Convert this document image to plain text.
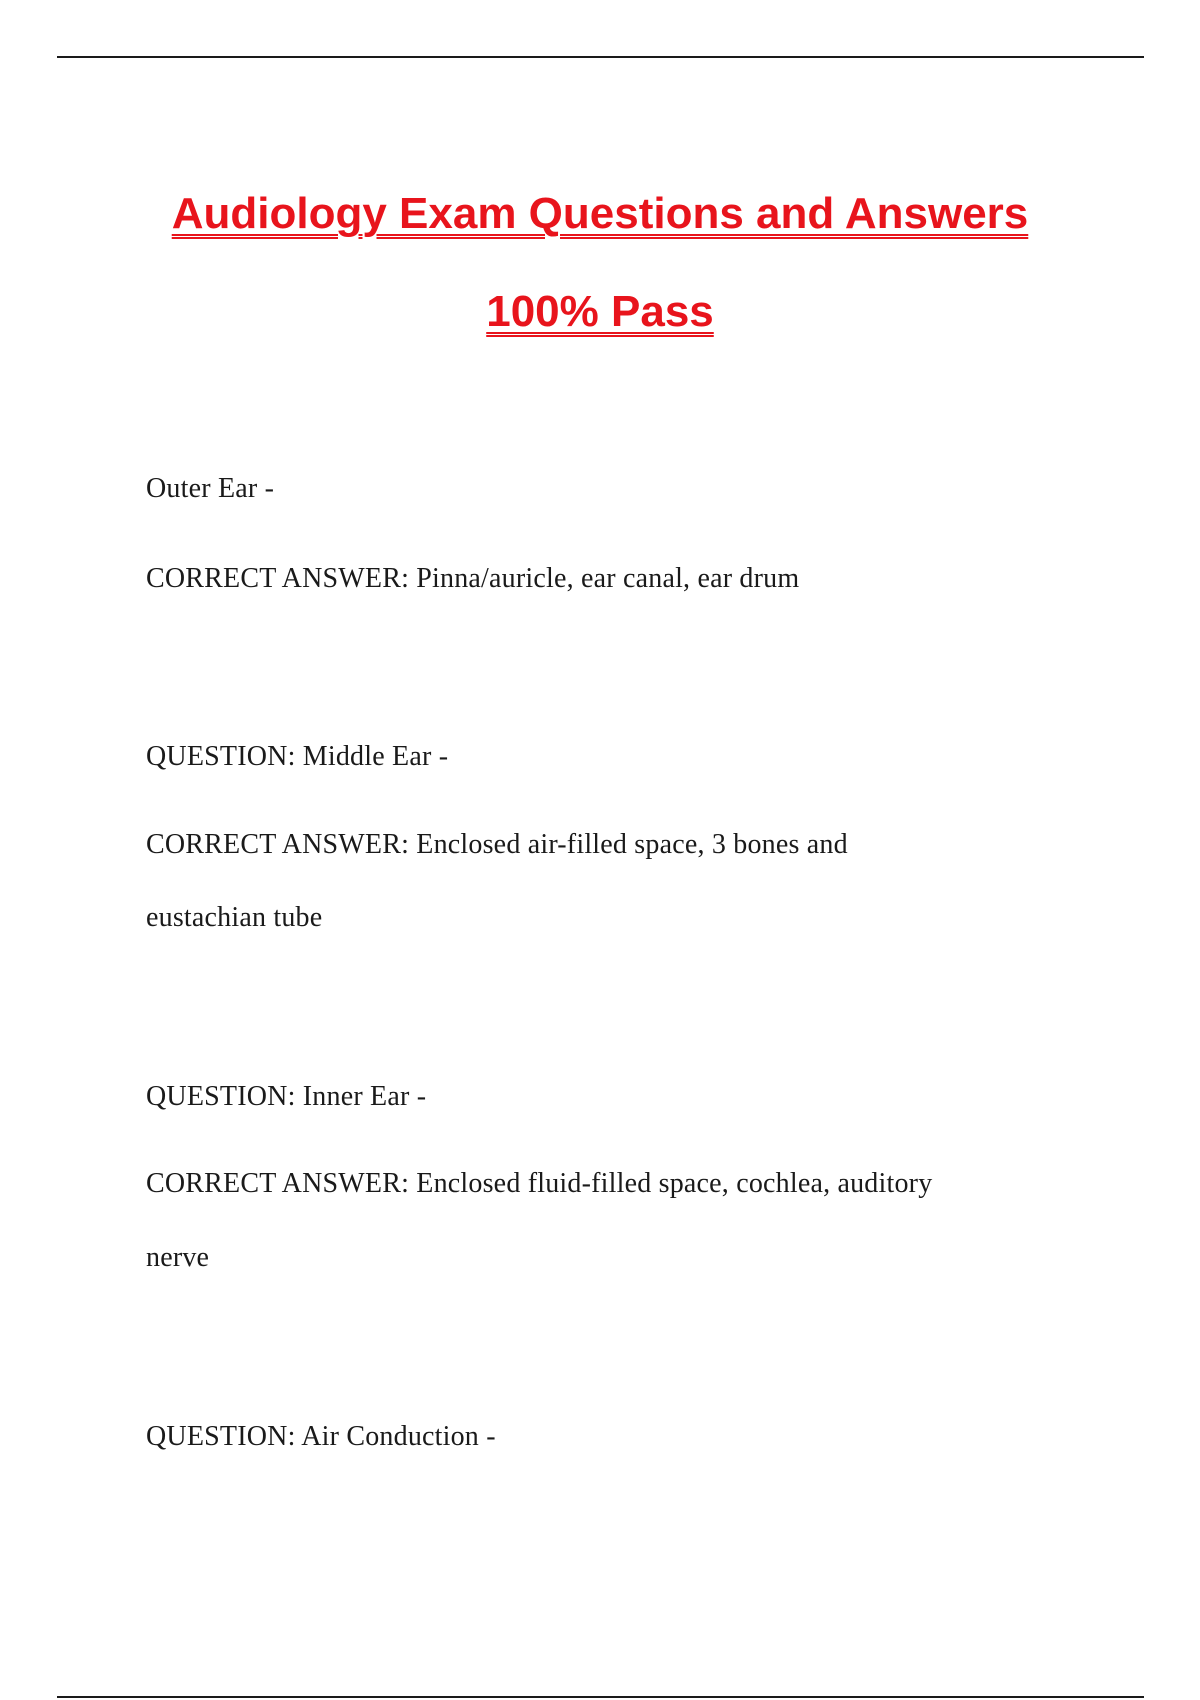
Audiology Exam Questions and Answers
100% Pass

Outer Ear -

CORRECT ANSWER: Pinna/auricle, ear canal, ear drum

QUESTION: Middle Ear -

CORRECT ANSWER: Enclosed air-filled space, 3 bones and

eustachian tube

QUESTION: Inner Ear -

CORRECT ANSWER: Enclosed fluid-filled space, cochlea, auditory

nerve

QUESTION: Air Conduction -
